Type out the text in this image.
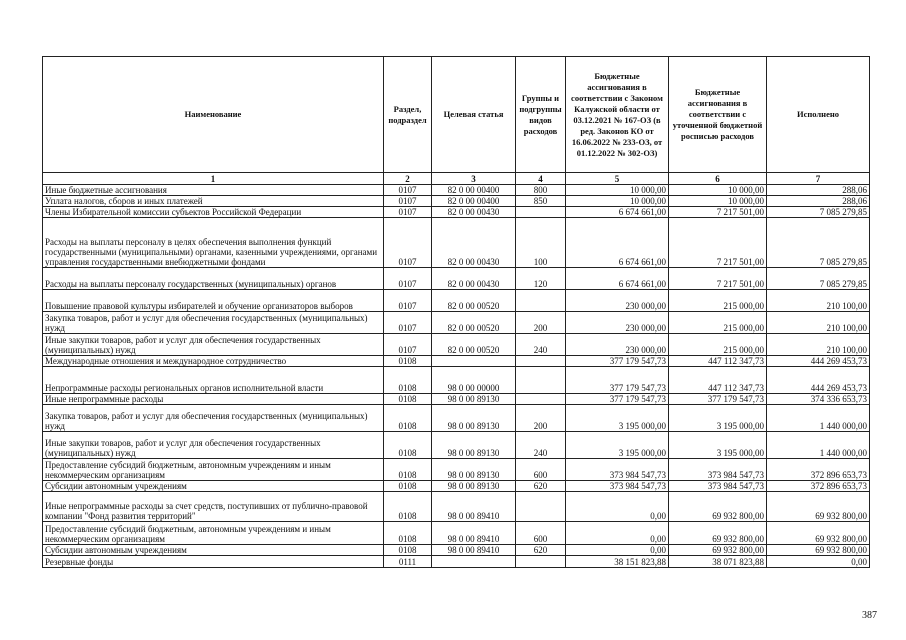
Наименование	Раздел, подраздел	Целевая статья	Группы и подгруппы видов расходов	Бюджетные ассигнования в соответствии с Законом Калужской области от 03.12.2021 № 167-ОЗ (в ред. Законов КО от 16.06.2022 № 233-ОЗ, от 01.12.2022 № 302-ОЗ)	Бюджетные ассигнования в соответствии с уточненной бюджетной росписью расходов	Исполнено
1	2	3	4	5	6	7
Иные бюджетные ассигнования	0107	82 0 00 00400	800	10 000,00	10 000,00	288,06
Уплата налогов, сборов и иных платежей	0107	82 0 00 00400	850	10 000,00	10 000,00	288,06
Члены Избирательной комиссии субъектов Российской Федерации	0107	82 0 00 00430		6 674 661,00	7 217 501,00	7 085 279,85
Расходы на выплаты персоналу в целях обеспечения выполнения функций государственными (муниципальными) органами, казенными учреждениями, органами управления государственными внебюджетными фондами	0107	82 0 00 00430	100	6 674 661,00	7 217 501,00	7 085 279,85
Расходы на выплаты персоналу государственных (муниципальных) органов	0107	82 0 00 00430	120	6 674 661,00	7 217 501,00	7 085 279,85
Повышение правовой культуры избирателей и обучение организаторов выборов	0107	82 0 00 00520		230 000,00	215 000,00	210 100,00
Закупка товаров, работ и услуг для обеспечения государственных (муниципальных) нужд	0107	82 0 00 00520	200	230 000,00	215 000,00	210 100,00
Иные закупки товаров, работ и услуг для обеспечения государственных (муниципальных) нужд	0107	82 0 00 00520	240	230 000,00	215 000,00	210 100,00
Международные отношения и международное сотрудничество	0108			377 179 547,73	447 112 347,73	444 269 453,73
Непрограммные расходы региональных органов исполнительной власти	0108	98 0 00 00000		377 179 547,73	447 112 347,73	444 269 453,73
Иные непрограммные расходы	0108	98 0 00 89130		377 179 547,73	377 179 547,73	374 336 653,73
Закупка товаров, работ и услуг для обеспечения государственных (муниципальных) нужд	0108	98 0 00 89130	200	3 195 000,00	3 195 000,00	1 440 000,00
Иные закупки товаров, работ и услуг для обеспечения государственных (муниципальных) нужд	0108	98 0 00 89130	240	3 195 000,00	3 195 000,00	1 440 000,00
Предоставление субсидий бюджетным, автономным учреждениям и иным некоммерческим организациям	0108	98 0 00 89130	600	373 984 547,73	373 984 547,73	372 896 653,73
Субсидии автономным учреждениям	0108	98 0 00 89130	620	373 984 547,73	373 984 547,73	372 896 653,73
Иные непрограммные расходы за счет средств, поступивших от публично-правовой компании "Фонд развития территорий"	0108	98 0 00 89410		0,00	69 932 800,00	69 932 800,00
Предоставление субсидий бюджетным, автономным учреждениям и иным некоммерческим организациям	0108	98 0 00 89410	600	0,00	69 932 800,00	69 932 800,00
Субсидии автономным учреждениям	0108	98 0 00 89410	620	0,00	69 932 800,00	69 932 800,00
Резервные фонды	0111			38 151 823,88	38 071 823,88	0,00
387
